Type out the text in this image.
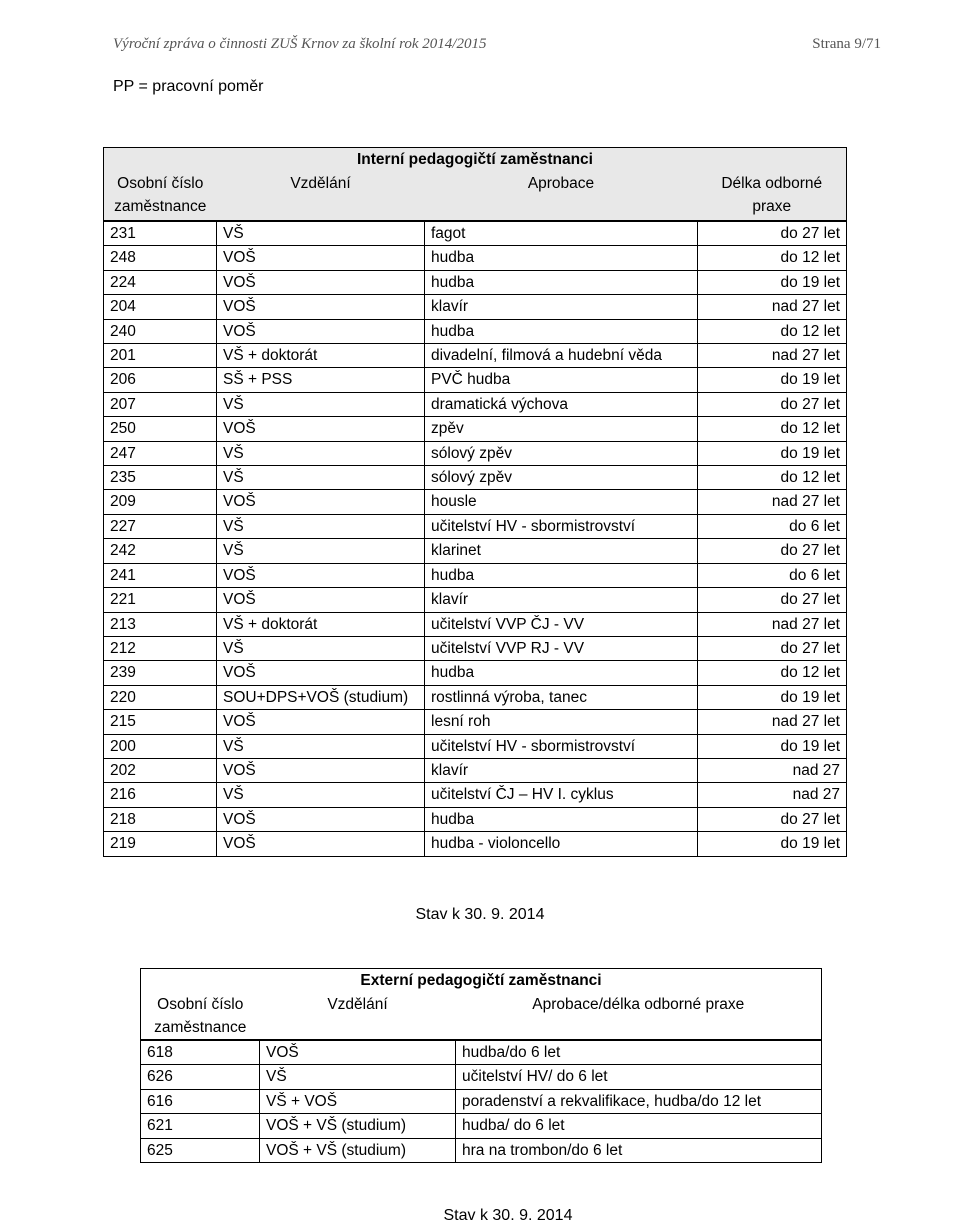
Výroční zpráva o činnosti ZUŠ Krnov za školní rok 2014/2015	Strana 9/71
PP = pracovní poměr
Interní pedagogičtí zaměstnanci			
Osobní číslo zaměstnance	Vzdělání	Aprobace	Délka odborné praxe
231	VŠ	fagot	do 27 let
248	VOŠ	hudba	do 12 let
224	VOŠ	hudba	do 19 let
204	VOŠ	klavír	nad 27 let
240	VOŠ	hudba	do 12 let
201	VŠ + doktorát	divadelní, filmová a hudební věda	nad 27 let
206	SŠ + PSS	PVČ hudba	do 19 let
207	VŠ	dramatická výchova	do 27 let
250	VOŠ	zpěv	do 12 let
247	VŠ	sólový zpěv	do 19 let
235	VŠ	sólový zpěv	do 12 let
209	VOŠ	housle	nad 27 let
227	VŠ	učitelství HV - sbormistrovství	do 6 let
242	VŠ	klarinet	do 27 let
241	VOŠ	hudba	do 6 let
221	VOŠ	klavír	do 27 let
213	VŠ + doktorát	učitelství VVP ČJ - VV	nad 27 let
212	VŠ	učitelství VVP RJ - VV	do 27 let
239	VOŠ	hudba	do 12 let
220	SOU+DPS+VOŠ (studium)	rostlinná výroba, tanec	do 19 let
215	VOŠ	lesní roh	nad 27 let
200	VŠ	učitelství HV - sbormistrovství	do 19 let
202	VOŠ	klavír	nad 27
216	VŠ	učitelství ČJ – HV I. cyklus	nad 27
218	VOŠ	hudba	do 27 let
219	VOŠ	hudba - violoncello	do 19 let
Stav k 30. 9. 2014
Externí pedagogičtí zaměstnanci		
Osobní číslo zaměstnance	Vzdělání	Aprobace/délka odborné praxe
618	VOŠ	hudba/do 6 let
626	VŠ	učitelství HV/ do 6 let
616	VŠ + VOŠ	poradenství a rekvalifikace, hudba/do 12 let
621	VOŠ + VŠ (studium)	hudba/ do 6 let
625	VOŠ + VŠ (studium)	hra na trombon/do 6 let
Stav k 30. 9. 2014
